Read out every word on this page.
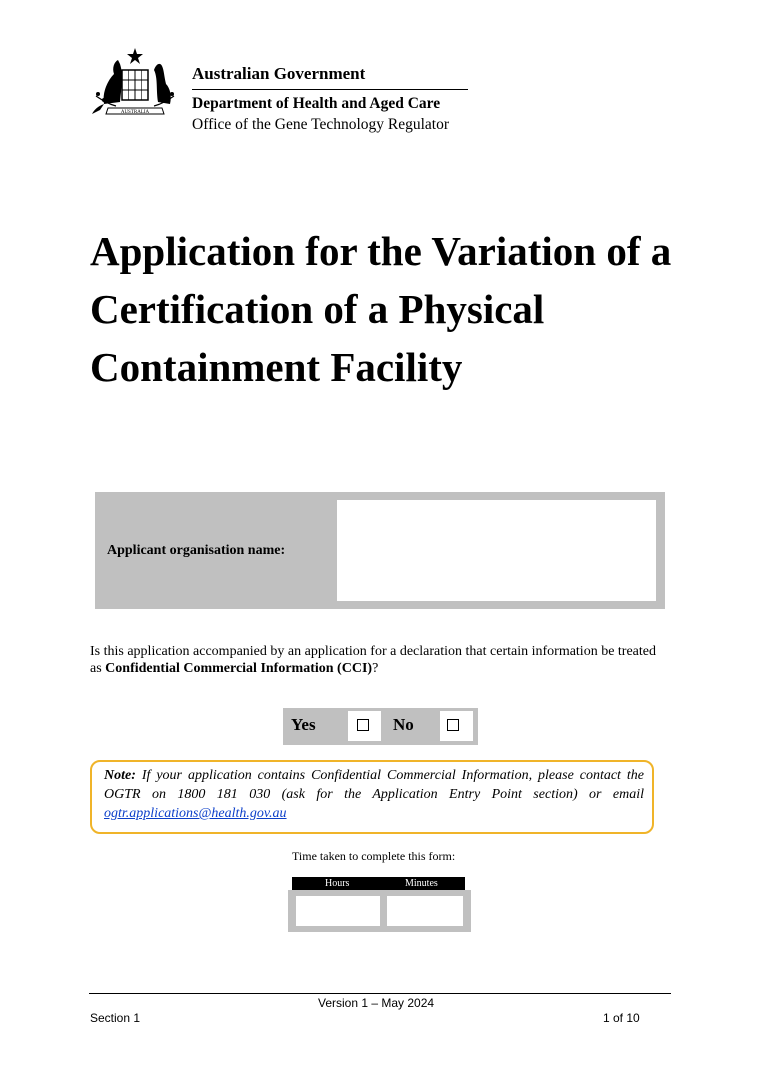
AUSTRALIA
Australian Government
Department of Health and Aged Care
Office of the Gene Technology Regulator
Application for the Variation of a Certification of a Physical Containment Facility
Applicant organisation name:
Is this application accompanied by an application for a declaration that certain information be treated as Confidential Commercial Information (CCI)?
Yes	No
Note: If your application contains Confidential Commercial Information, please contact the OGTR on 1800 181 030 (ask for the Application Entry Point section) or email ogtr.applications@health.gov.au
Time taken to complete this form:
Hours	Minutes
Version 1 – May 2024
Section 1	1 of 10
